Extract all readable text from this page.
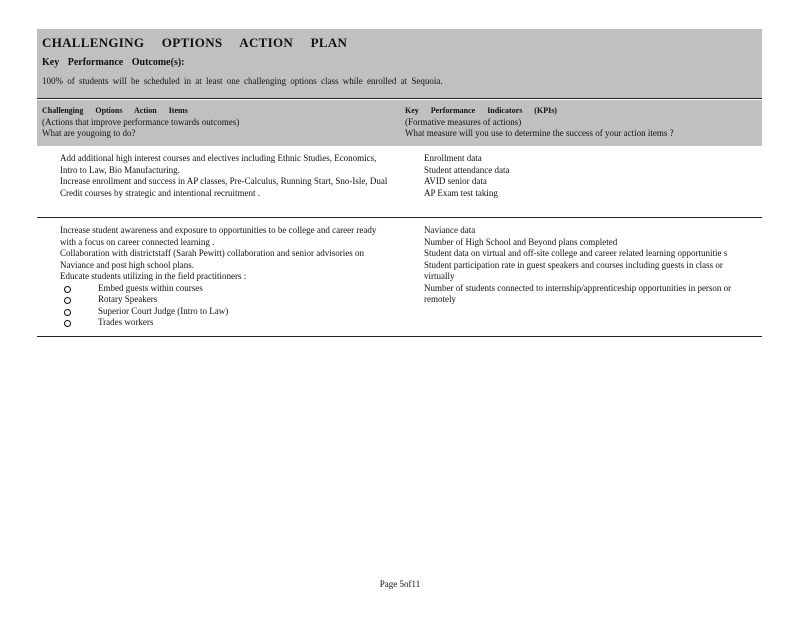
CHALLENGING OPTIONS ACTION PLAN
Key Performance Outcome(s):
100% of students will be scheduled in at least one challenging options class while enrolled at Sequoia.
Challenging Options Action Items
(Actions that improve performance towards outcomes)
What are yougoing to do?
Key Performance Indicators (KPIs)
(Formative measures of actions)
What measure will you use to determine the success of your action items ?
Add additional high interest courses and electives including Ethnic Studies, Economics, Intro to Law, Bio Manufacturing.
Increase enrollment and success in AP classes, Pre-Calculus, Running Start, Sno-Isle, Dual Credit courses by strategic and intentional recruitment .
Enrollment data
Student attendance data
AVID senior data
AP Exam test taking
Increase student awareness and exposure to opportunities to be college and career ready with a focus on career connected learning .
Collaboration with districtstaff (Sarah Pewitt) collaboration and senior advisories on Naviance and post high school plans.
Educate students utilizing in the field practitioners :
Embed guests within courses
Rotary Speakers
Superior Court Judge (Intro to Law)
Trades workers
Naviance data
Number of High School and Beyond plans completed
Student data on virtual and off-site college and career related learning opportunitie s
Student participation rate in guest speakers and courses including guests in class or virtually
Number of students connected to internship/apprenticeship opportunities in person or remotely
Page 5of11
